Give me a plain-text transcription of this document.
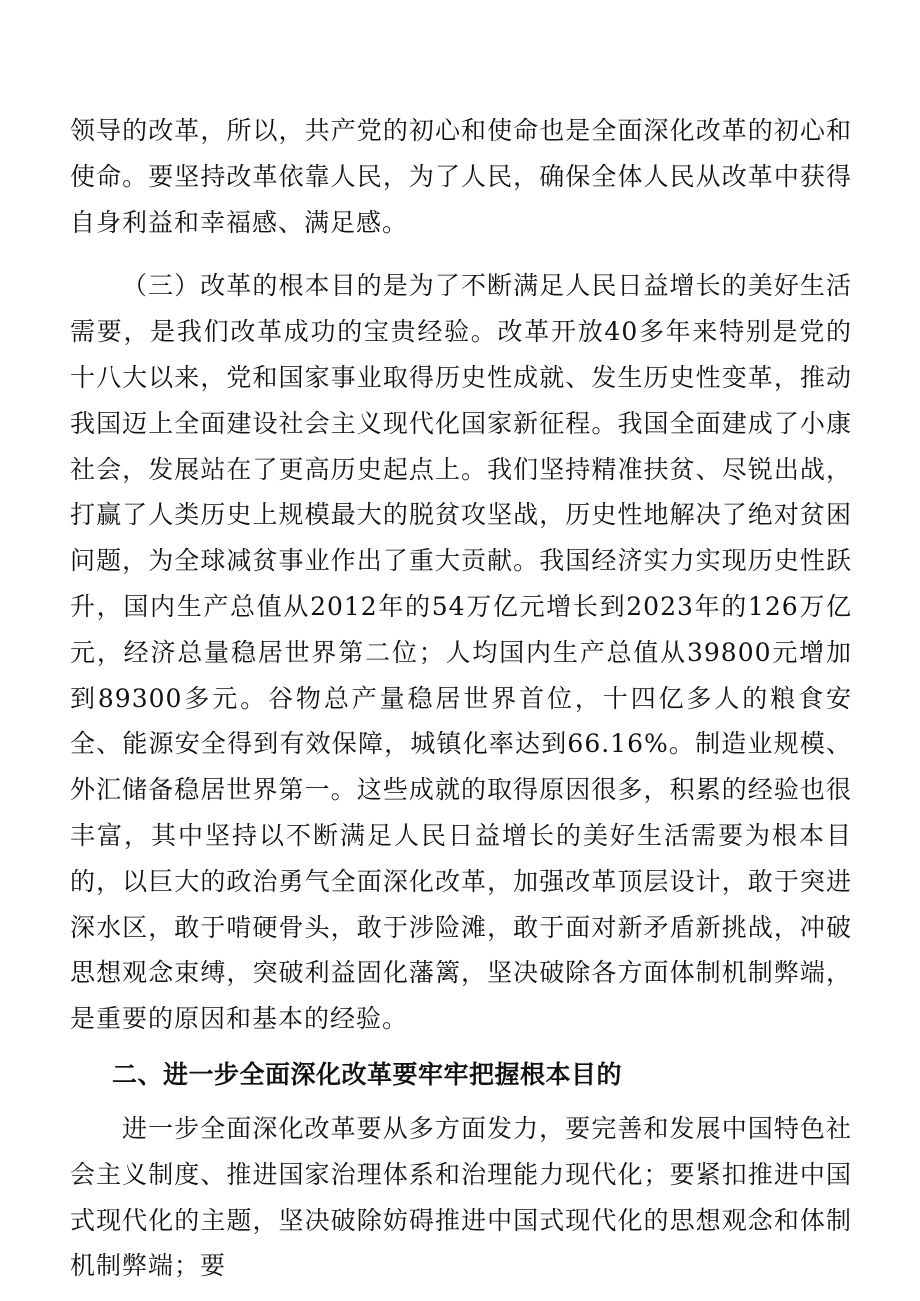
领导的改革，所以，共产党的初心和使命也是全面深化改革的初心和使命。要坚持改革依靠人民，为了人民，确保全体人民从改革中获得自身利益和幸福感、满足感。

（三）改革的根本目的是为了不断满足人民日益增长的美好生活需要，是我们改革成功的宝贵经验。改革开放40多年来特别是党的十八大以来，党和国家事业取得历史性成就、发生历史性变革，推动我国迈上全面建设社会主义现代化国家新征程。我国全面建成了小康社会，发展站在了更高历史起点上。我们坚持精准扶贫、尽锐出战，打赢了人类历史上规模最大的脱贫攻坚战，历史性地解决了绝对贫困问题，为全球减贫事业作出了重大贡献。我国经济实力实现历史性跃升，国内生产总值从2012年的54万亿元增长到2023年的126万亿元，经济总量稳居世界第二位；人均国内生产总值从39800元增加到89300多元。谷物总产量稳居世界首位，十四亿多人的粮食安全、能源安全得到有效保障，城镇化率达到66.16%。制造业规模、外汇储备稳居世界第一。这些成就的取得原因很多，积累的经验也很丰富，其中坚持以不断满足人民日益增长的美好生活需要为根本目的，以巨大的政治勇气全面深化改革，加强改革顶层设计，敢于突进深水区，敢于啃硬骨头，敢于涉险滩，敢于面对新矛盾新挑战，冲破思想观念束缚，突破利益固化藩篱，坚决破除各方面体制机制弊端，是重要的原因和基本的经验。

二、进一步全面深化改革要牢牢把握根本目的

进一步全面深化改革要从多方面发力，要完善和发展中国特色社会主义制度、推进国家治理体系和治理能力现代化；要紧扣推进中国式现代化的主题，坚决破除妨碍推进中国式现代化的思想观念和体制机制弊端；要
